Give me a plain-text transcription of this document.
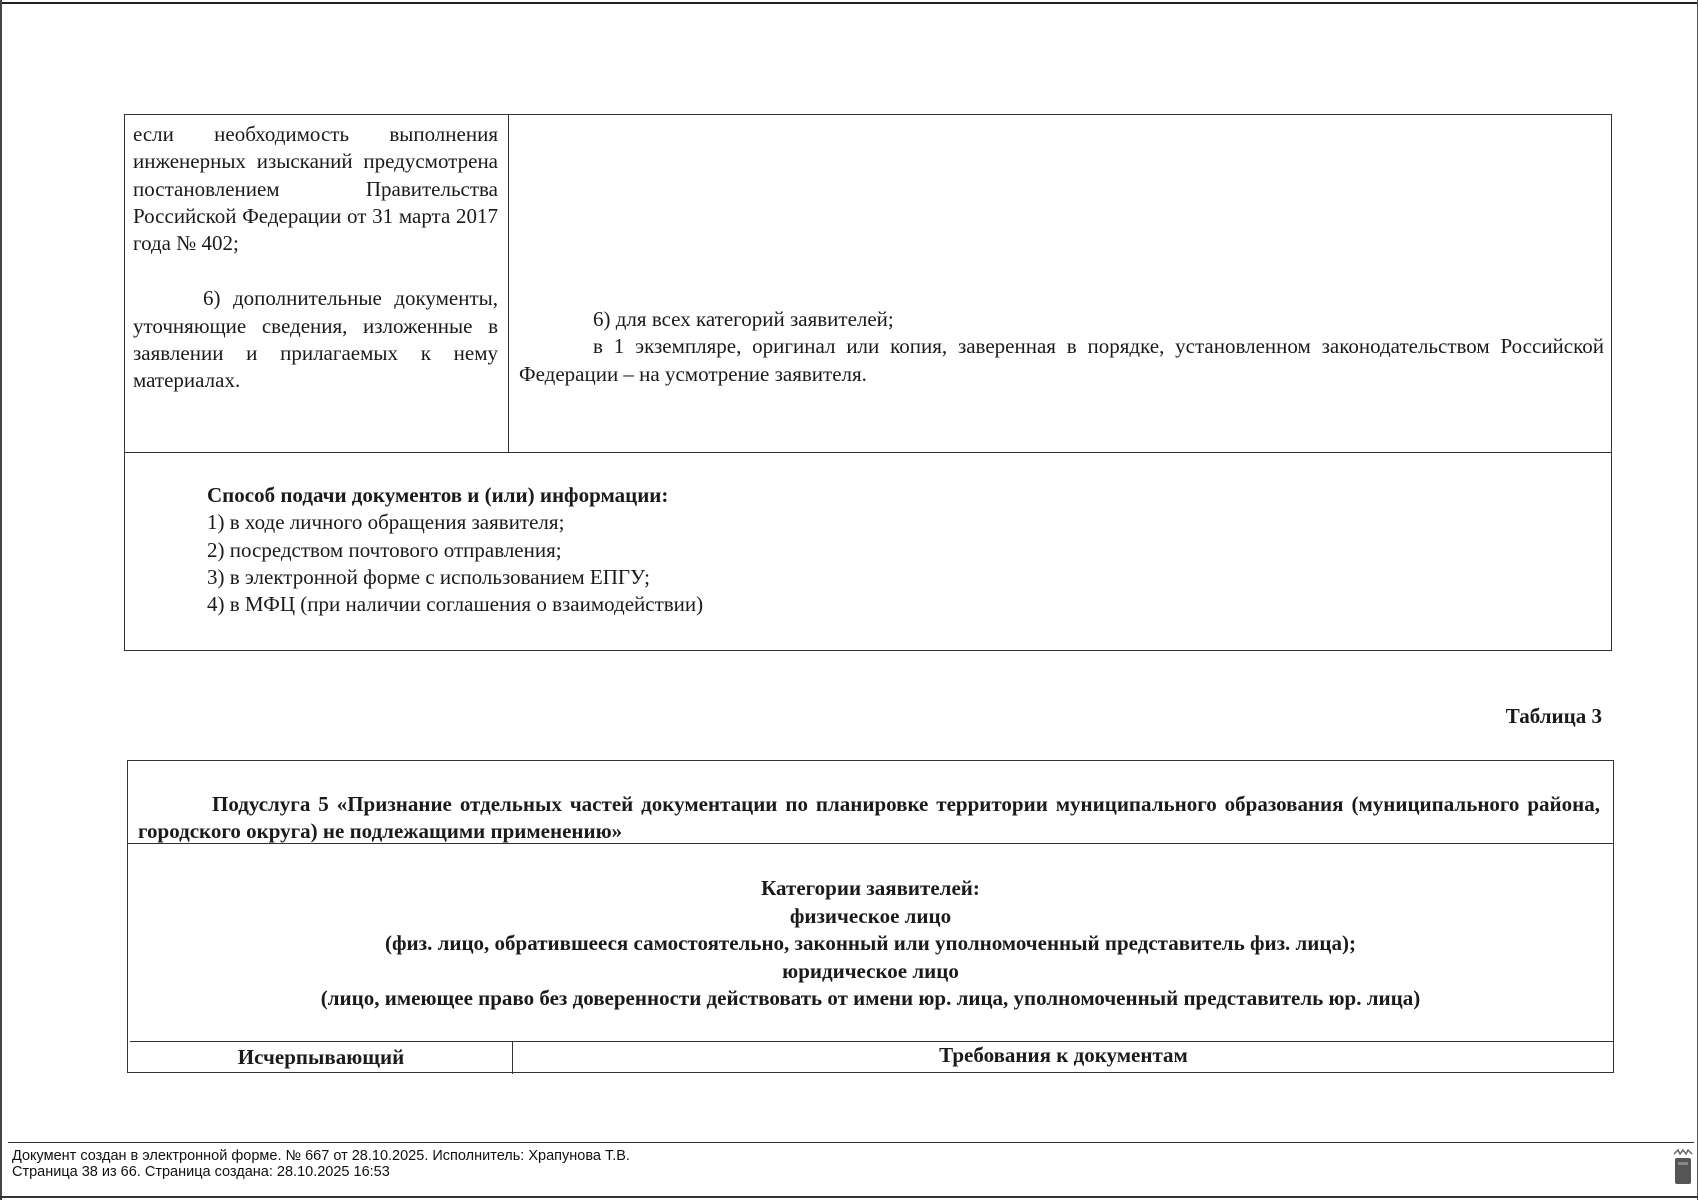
если необходимость выполнения инженерных изысканий предусмотрена постановлением Правительства Российской Федерации от 31 марта 2017 года № 402;

6) дополнительные документы, уточняющие сведения, изложенные в заявлении и прилагаемых к нему материалах.

6) для всех категорий заявителей;

в 1 экземпляре, оригинал или копия, заверенная в порядке, установленном законодательством Российской Федерации – на усмотрение заявителя.

Способ подачи документов и (или) информации:
1) в ходе личного обращения заявителя;
2) посредством почтового отправления;
3) в электронной форме с использованием ЕПГУ;
4) в МФЦ (при наличии соглашения о взаимодействии)
Таблица 3
Подуслуга 5 «Признание отдельных частей документации по планировке территории муниципального образования (муниципального района, городского округа) не подлежащими применению»
Категории заявителей:
физическое лицо
(физ. лицо, обратившееся самостоятельно, законный или уполномоченный представитель физ. лица);
юридическое лицо
(лицо, имеющее право без доверенности действовать от имени юр. лица, уполномоченный представитель юр. лица)
Исчерпывающий	Требования к документам
Документ создан в электронной форме. № 667 от 28.10.2025. Исполнитель: Храпунова Т.В.
Страница 38 из 66. Страница создана: 28.10.2025 16:53
